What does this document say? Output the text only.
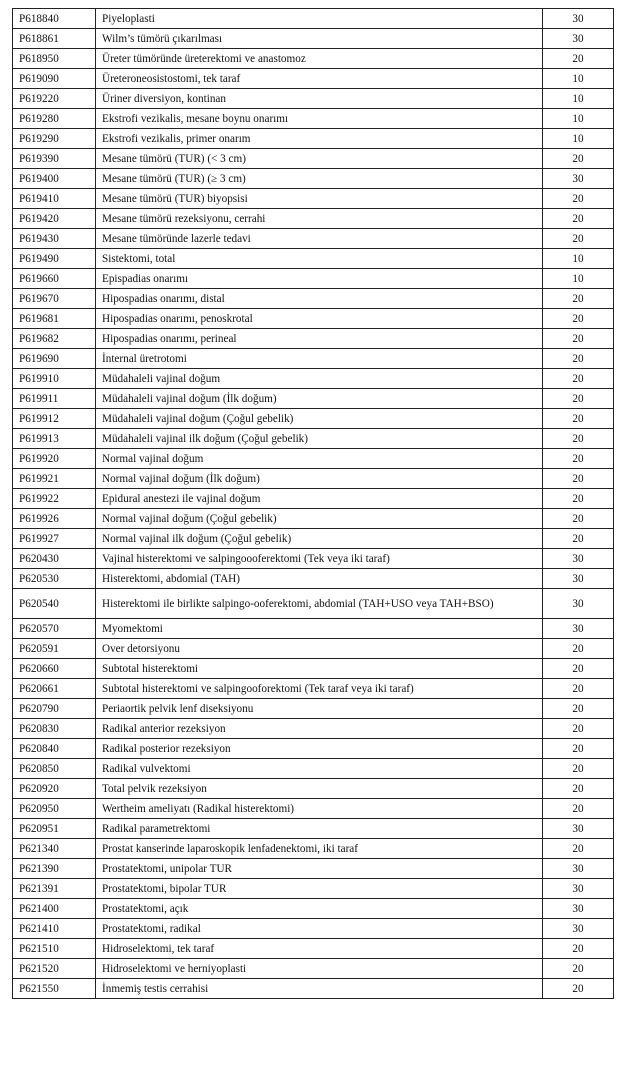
P618840	Piyeloplasti	30
P618861	Wilm’s tümörü çıkarılması	30
P618950	Üreter tümöründe üreterektomi ve anastomoz	20
P619090	Üreteroneosistostomi, tek taraf	10
P619220	Üriner diversiyon, kontinan	10
P619280	Ekstrofi vezikalis, mesane boynu onarımı	10
P619290	Ekstrofi vezikalis, primer onarım	10
P619390	Mesane tümörü (TUR) (< 3 cm)	20
P619400	Mesane tümörü (TUR) (≥ 3 cm)	30
P619410	Mesane tümörü (TUR) biyopsisi	20
P619420	Mesane tümörü rezeksiyonu, cerrahi	20
P619430	Mesane tümöründe lazerle tedavi	20
P619490	Sistektomi, total	10
P619660	Epispadias onarımı	10
P619670	Hipospadias onarımı, distal	20
P619681	Hipospadias onarımı, penoskrotal	20
P619682	Hipospadias onarımı, perineal	20
P619690	İnternal üretrotomi	20
P619910	Müdahaleli vajinal doğum	20
P619911	Müdahaleli vajinal doğum (İlk doğum)	20
P619912	Müdahaleli vajinal doğum (Çoğul gebelik)	20
P619913	Müdahaleli vajinal ilk doğum (Çoğul gebelik)	20
P619920	Normal vajinal doğum	20
P619921	Normal vajinal doğum (İlk doğum)	20
P619922	Epidural anestezi ile vajinal doğum	20
P619926	Normal vajinal doğum (Çoğul gebelik)	20
P619927	Normal vajinal ilk doğum (Çoğul gebelik)	20
P620430	Vajinal histerektomi ve salpingoooferektomi (Tek veya iki taraf)	30
P620530	Histerektomi, abdomial (TAH)	30
P620540	Histerektomi ile birlikte salpingo-ooferektomi, abdomial (TAH+USO veya TAH+BSO)	30
P620570	Myomektomi	30
P620591	Over detorsiyonu	20
P620660	Subtotal histerektomi	20
P620661	Subtotal histerektomi ve salpingooforektomi (Tek taraf veya iki taraf)	20
P620790	Periaortik pelvik lenf diseksiyonu	20
P620830	Radikal anterior rezeksiyon	20
P620840	Radikal posterior rezeksiyon	20
P620850	Radikal vulvektomi	20
P620920	Total pelvik rezeksiyon	20
P620950	Wertheim ameliyatı (Radikal histerektomi)	20
P620951	Radikal parametrektomi	30
P621340	Prostat kanserinde laparoskopik lenfadenektomi, iki taraf	20
P621390	Prostatektomi, unipolar TUR	30
P621391	Prostatektomi, bipolar TUR	30
P621400	Prostatektomi, açık	30
P621410	Prostatektomi, radikal	30
P621510	Hidroselektomi, tek taraf	20
P621520	Hidroselektomi ve herniyoplasti	20
P621550	İnmemiş testis cerrahisi	20
